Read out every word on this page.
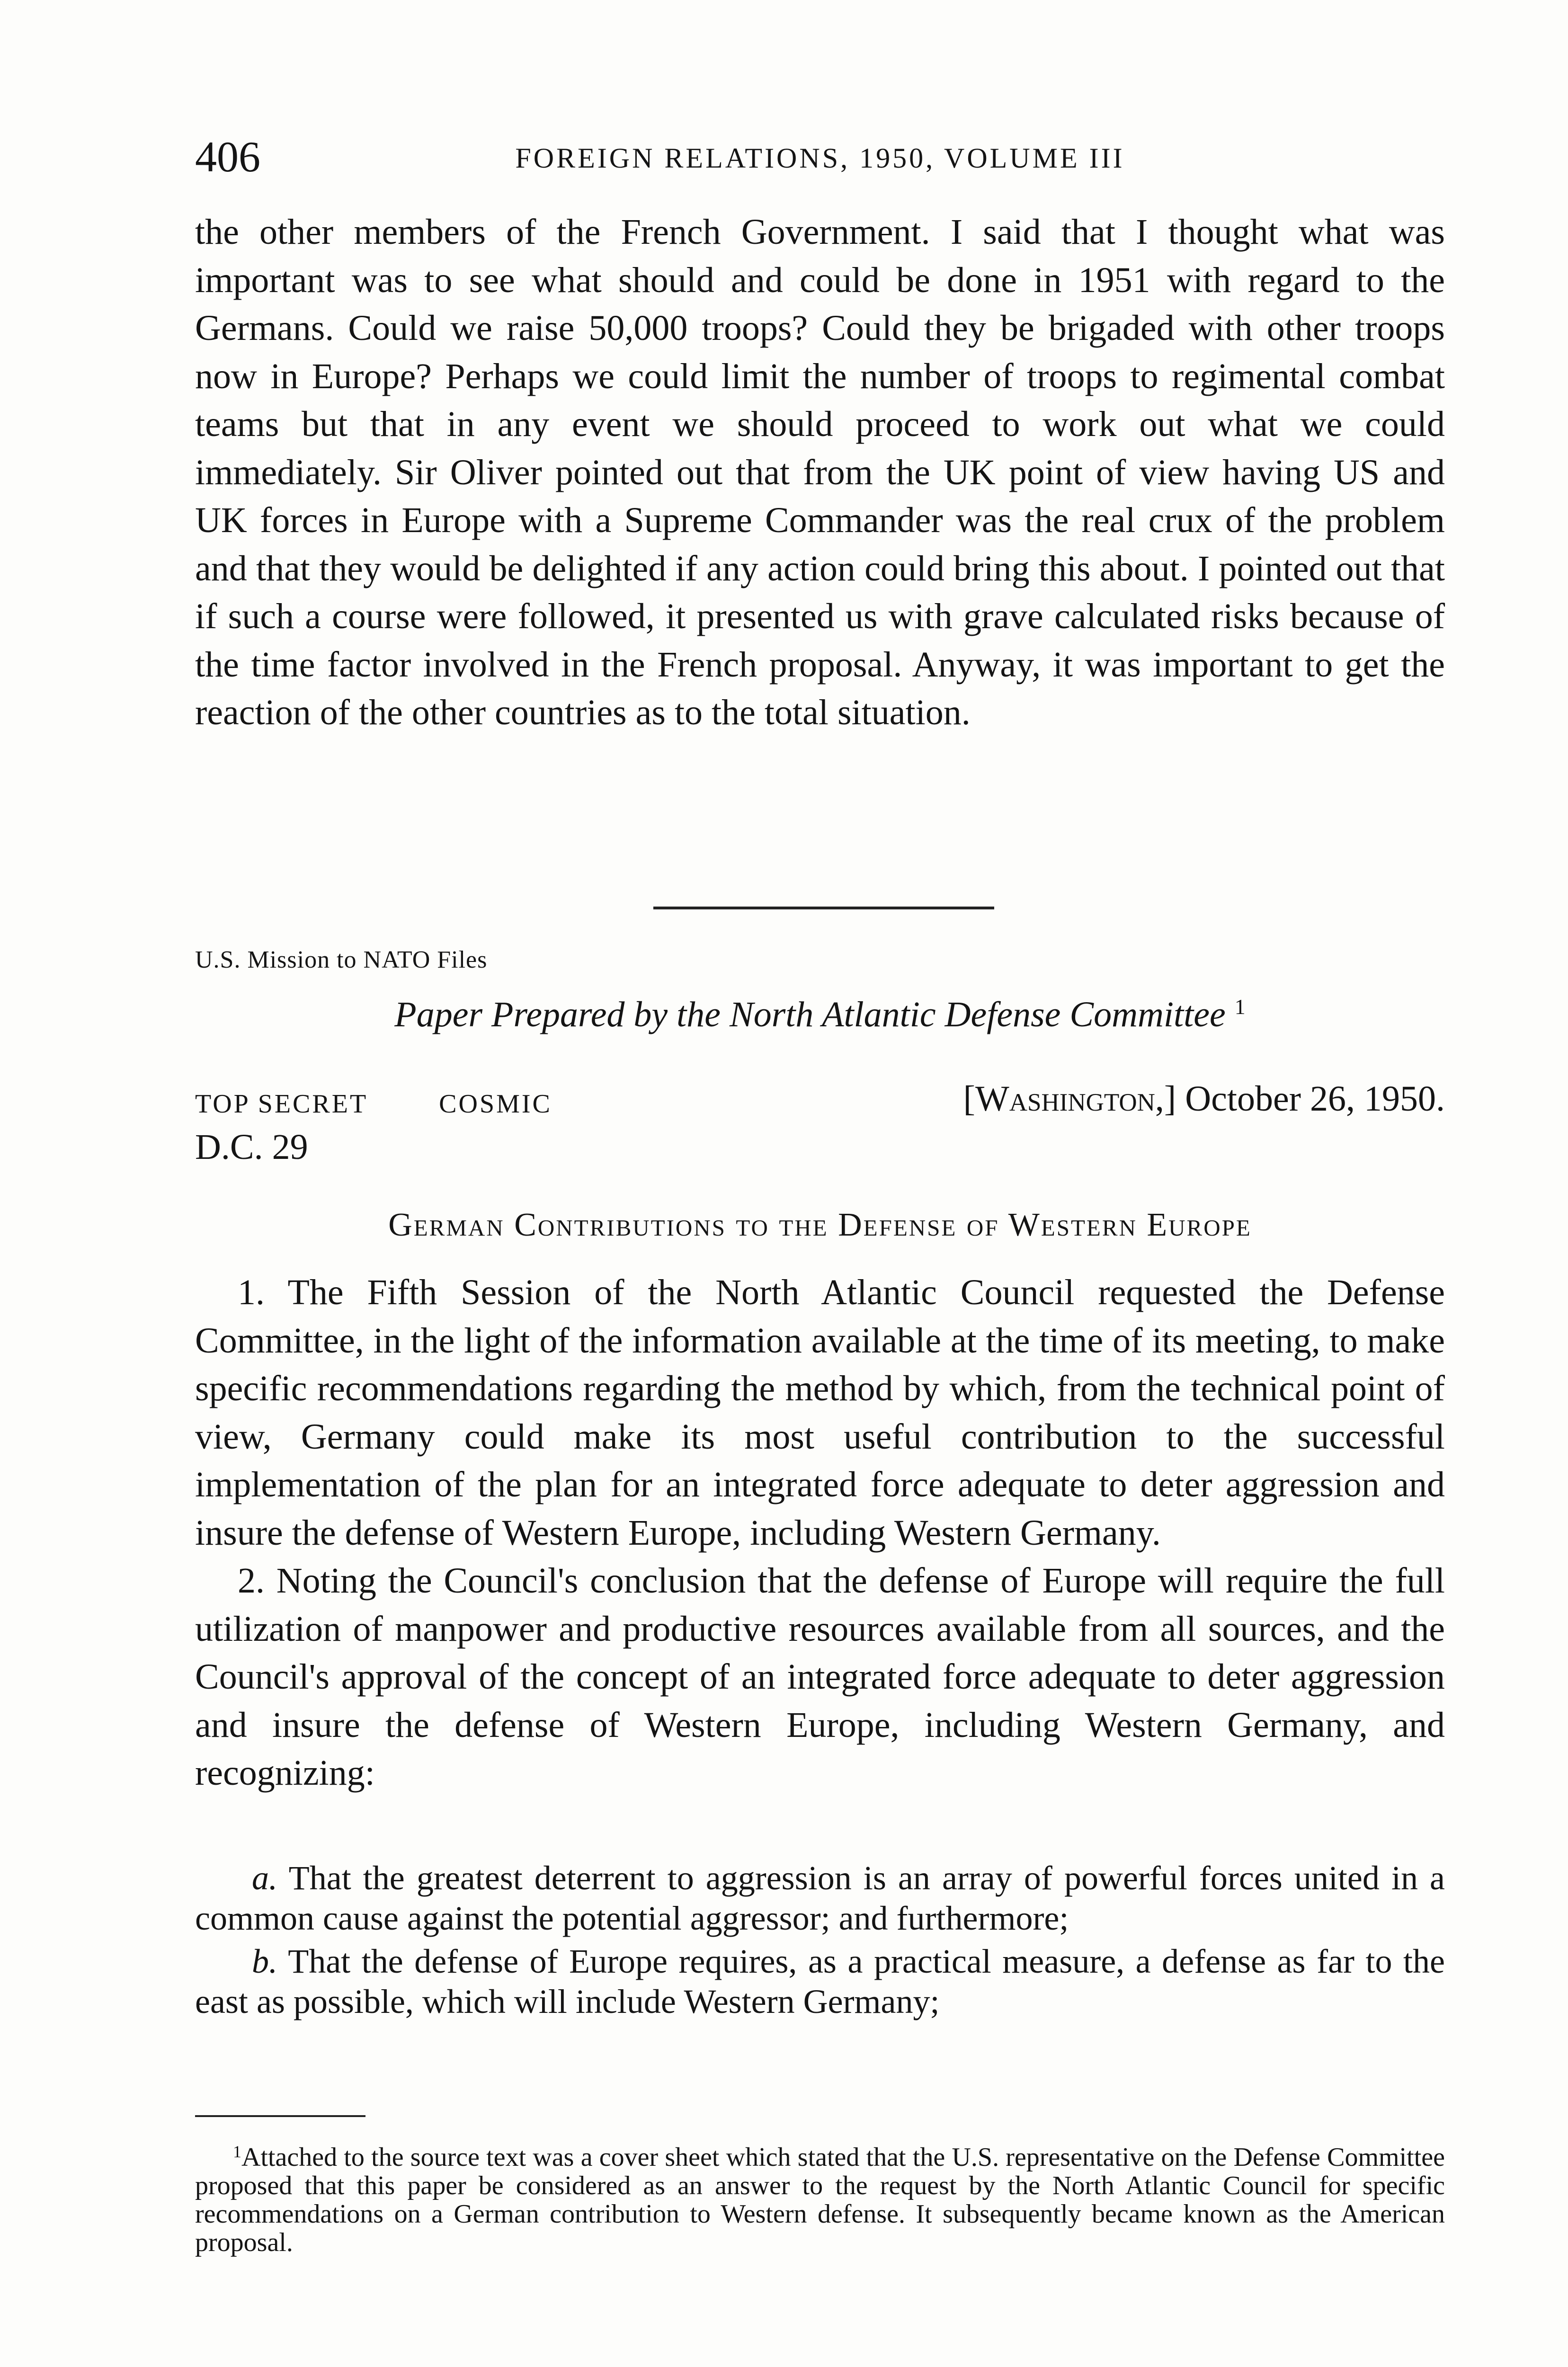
406	FOREIGN RELATIONS, 1950, VOLUME III

the other members of the French Government. I said that I thought what was important was to see what should and could be done in 1951 with regard to the Germans. Could we raise 50,000 troops? Could they be brigaded with other troops now in Europe? Perhaps we could limit the number of troops to regimental combat teams but that in any event we should proceed to work out what we could immediately. Sir Oliver pointed out that from the UK point of view having US and UK forces in Europe with a Supreme Commander was the real crux of the problem and that they would be delighted if any action could bring this about. I pointed out that if such a course were followed, it presented us with grave calculated risks because of the time factor involved in the French proposal. Anyway, it was important to get the reaction of the other countries as to the total situation.

U.S. Mission to NATO Files
Paper Prepared by the North Atlantic Defense Committee $^1$
TOP SECRET	COSMIC	[Washington,] October 26, 1950.
D.C. 29
German Contributions to the Defense of Western Europe

1. The Fifth Session of the North Atlantic Council requested the Defense Committee, in the light of the information available at the time of its meeting, to make specific recommendations regarding the method by which, from the technical point of view, Germany could make its most useful contribution to the successful implementation of the plan for an integrated force adequate to deter aggression and insure the defense of Western Europe, including Western Germany.

2. Noting the Council's conclusion that the defense of Europe will require the full utilization of manpower and productive resources available from all sources, and the Council's approval of the concept of an integrated force adequate to deter aggression and insure the defense of Western Europe, including Western Germany, and recognizing:

a. That the greatest deterrent to aggression is an array of powerful forces united in a common cause against the potential aggressor; and furthermore;

b. That the defense of Europe requires, as a practical measure, a defense as far to the east as possible, which will include Western Germany;

$^1$Attached to the source text was a cover sheet which stated that the U.S. representative on the Defense Committee proposed that this paper be considered as an answer to the request by the North Atlantic Council for specific recommendations on a German contribution to Western defense. It subsequently became known as the American proposal.
